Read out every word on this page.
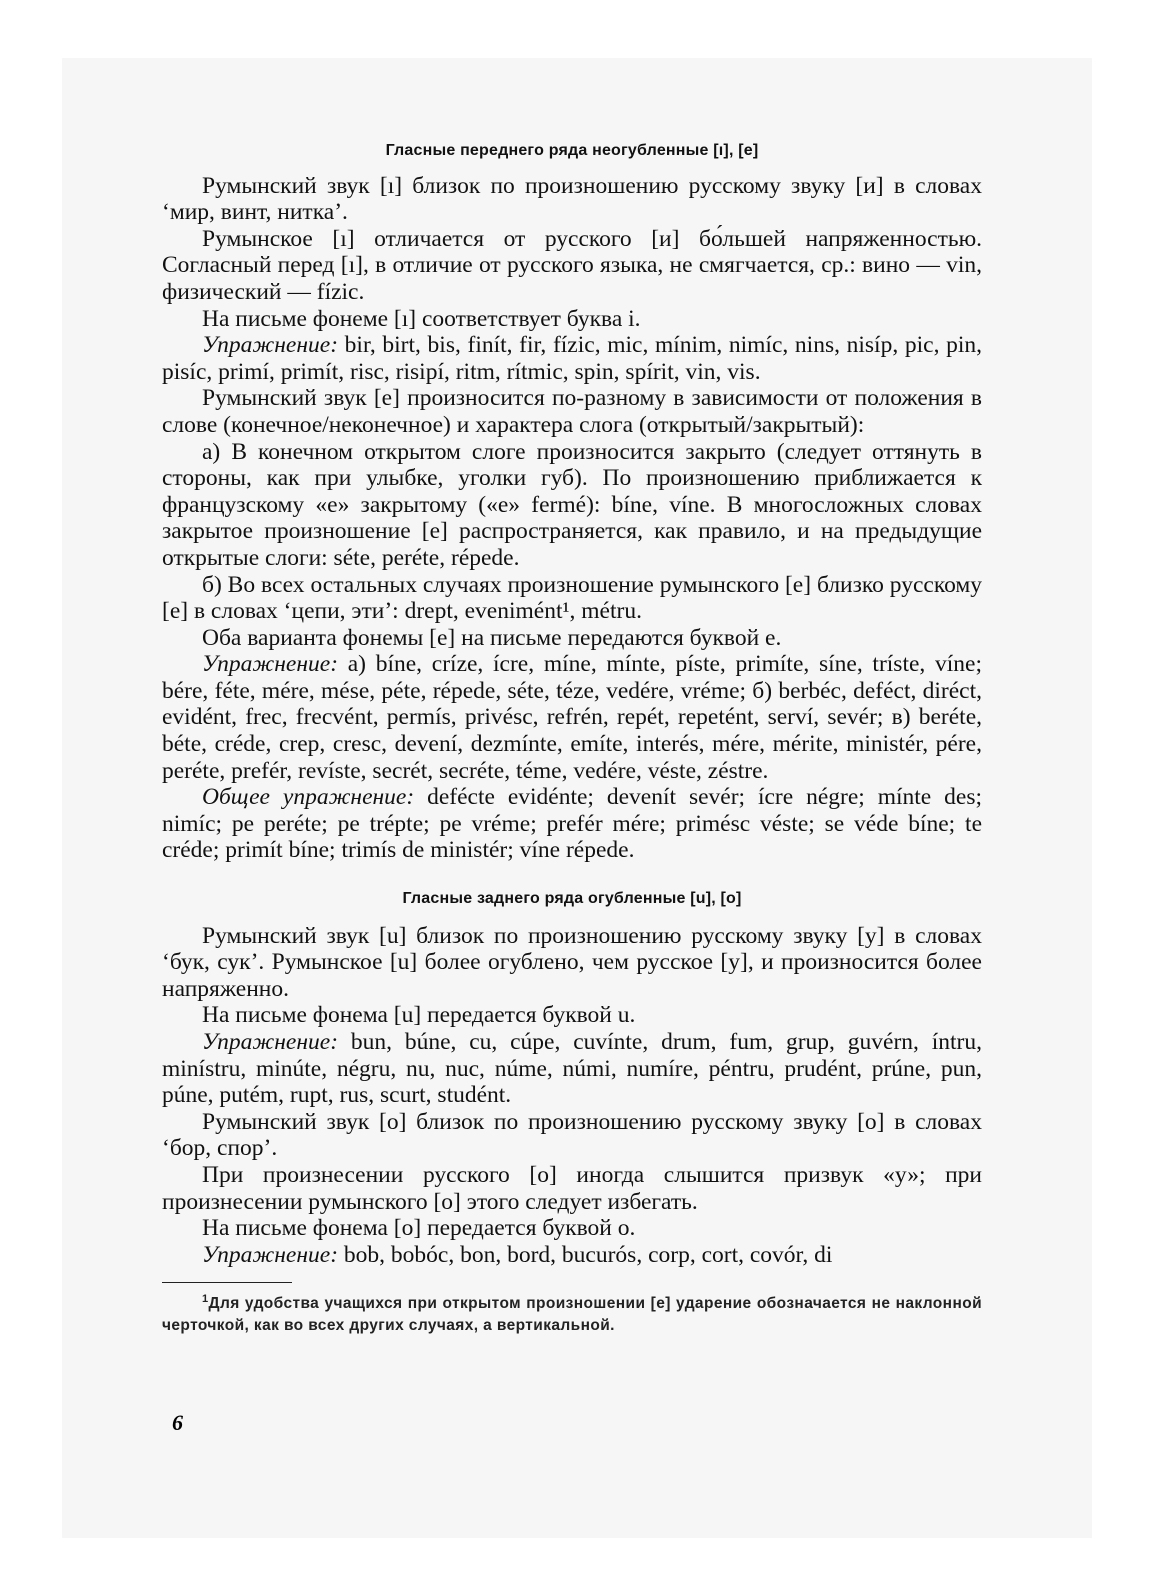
Гласные переднего ряда неогубленные [ı], [e]

Румынский звук [ı] близок по произношению русскому звуку [и] в словах ‘мир, винт, нитка’.

Румынское [ı] отличается от русского [и] бо́льшей напряженностью. Согласный перед [ı], в отличие от русского языка, не смягчается, ср.: вино — vin, физический — fízic.

На письме фонеме [ı] соответствует буква i.

Упражнение: bir, birt, bis, finít, fir, fízic, mic, mínim, nimíc, nins, nisíp, pic, pin, pisíc, primí, primít, risc, risipí, ritm, rítmic, spin, spírit, vin, vis.

Румынский звук [e] произносится по-разному в зависимости от положения в слове (конечное/неконечное) и характера слога (открытый/закрытый):

а) В конечном открытом слоге произносится закрыто (следует оттянуть в стороны, как при улыбке, уголки губ). По произношению приближается к французскому «e» закрытому («e» fermé): bíne, víne. В многосложных словах закрытое произношение [e] распространяется, как правило, и на предыдущие открытые слоги: séte, peréte, répede.

б) Во всех остальных случаях произношение румынского [e] близко русскому [e] в словах ‘цепи, эти’: drept, evenimént¹, métru.

Оба варианта фонемы [e] на письме передаются буквой e.

Упражнение: а) bíne, críze, ícre, míne, mínte, píste, primíte, síne, tríste, víne; bére, féte, mére, mése, péte, répede, séte, téze, vedére, vréme; б) berbéc, deféct, diréct, evidént, frec, frecvént, permís, privésc, refrén, repét, repetént, serví, sevér; в) beréte, béte, créde, crep, cresc, devení, dezmínte, emíte, interés, mére, mérite, ministér, pére, peréte, prefér, revíste, secrét, secréte, téme, vedére, véste, zéstre.

Общее упражнение: deféсte evidénte; devenít sevér; ícre négre; mínte des; nimíc; pe peréte; pe trépte; pe vréme; prefér mére; primésc véste; se véde bíne; te créde; primít bíne; trimís de ministér; víne répede.

Гласные заднего ряда огубленные [u], [o]

Румынский звук [u] близок по произношению русскому звуку [у] в словах ‘бук, сук’. Румынское [u] более огублено, чем русское [у], и произносится более напряженно.

На письме фонема [u] передается буквой u.

Упражнение: bun, búne, cu, cúpe, cuvínte, drum, fum, grup, guvérn, íntru, minístru, minúte, négru, nu, nuc, núme, númi, numíre, péntru, prudént, prúne, pun, púne, putém, rupt, rus, scurt, studént.

Румынский звук [o] близок по произношению русскому звуку [o] в словах ‘бор, спор’.

При произнесении русского [o] иногда слышится призвук «у»; при произнесении румынского [o] этого следует избегать.

На письме фонема [o] передается буквой o.

Упражнение: bob, bobóc, bon, bord, bucurós, corp, cort, covór, di

$^1$Для удобства учащихся при открытом произношении [e] ударение обозначается не наклонной черточкой, как во всех других случаях, а вертикальной.

6
